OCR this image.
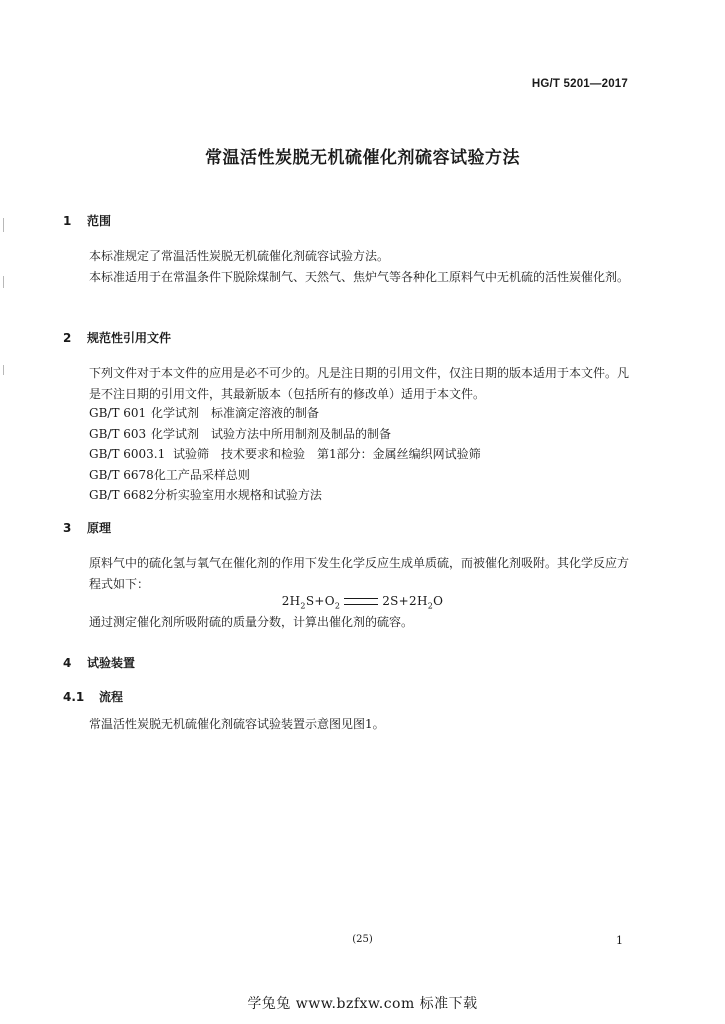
HG/T 5201—2017
常温活性炭脱无机硫催化剂硫容试验方法
1 范围
本标准规定了常温活性炭脱无机硫催化剂硫容试验方法。
本标准适用于在常温条件下脱除煤制气、天然气、焦炉气等各种化工原料气中无机硫的活性炭催化剂。
2 规范性引用文件
下列文件对于本文件的应用是必不可少的。凡是注日期的引用文件，仅注日期的版本适用于本文件。凡是不注日期的引用文件，其最新版本（包括所有的修改单）适用于本文件。
GB/T 601 化学试剂　标准滴定溶液的制备
GB/T 603 化学试剂　试验方法中所用制剂及制品的制备
GB/T 6003.1 试验筛　技术要求和检验　第1部分：金属丝编织网试验筛
GB/T 6678化工产品采样总则
GB/T 6682分析实验室用水规格和试验方法
3 原理
原料气中的硫化氢与氧气在催化剂的作用下发生化学反应生成单质硫，而被催化剂吸附。其化学反应方程式如下：
$2H_2S+O_2$	$2S+2H_2O$
通过测定催化剂所吸附硫的质量分数，计算出催化剂的硫容。
4 试验装置
4.1 流程
常温活性炭脱无机硫催化剂硫容试验装置示意图见图1。
(25)	1
学兔兔 www.bzfxw.com 标准下载
